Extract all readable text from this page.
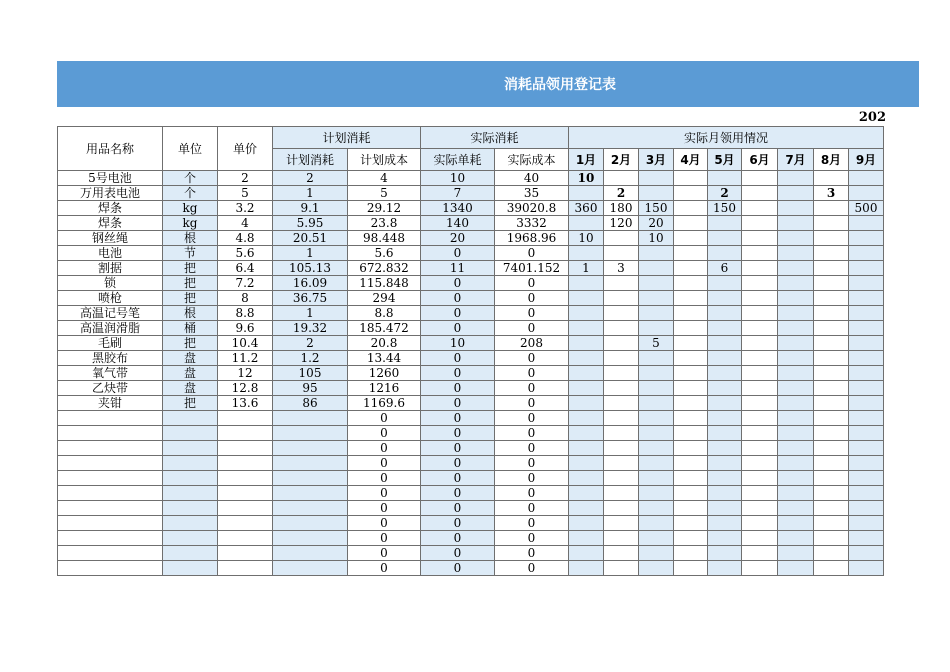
消耗品领用登记表
202
用品名称	单位	单价	计划消耗		实际消耗		实际月领用情况								
			计划消耗	计划成本	实际单耗	实际成本	1月	2月	3月	4月	5月	6月	7月	8月	9月
5号电池	个	2	2	4	10	40	10								
万用表电池	个	5	1	5	7	35		2			2			3	
焊条	kg	3.2	9.1	29.12	1340	39020.8	360	180	150		150				500
焊条	kg	4	5.95	23.8	140	3332		120	20						
钢丝绳	根	4.8	20.51	98.448	20	1968.96	10		10						
电池	节	5.6	1	5.6	0	0									
割据	把	6.4	105.13	672.832	11	7401.152	1	3			6				
锁	把	7.2	16.09	115.848	0	0									
喷枪	把	8	36.75	294	0	0									
高温记号笔	根	8.8	1	8.8	0	0									
高温润滑脂	桶	9.6	19.32	185.472	0	0									
毛刷	把	10.4	2	20.8	10	208			5						
黑胶布	盘	11.2	1.2	13.44	0	0									
氧气带	盘	12	105	1260	0	0									
乙炔带	盘	12.8	95	1216	0	0									
夹钳	把	13.6	86	1169.6	0	0									
				0	0	0									
				0	0	0									
				0	0	0									
				0	0	0									
				0	0	0									
				0	0	0									
				0	0	0									
				0	0	0									
				0	0	0									
				0	0	0									
				0	0	0									
